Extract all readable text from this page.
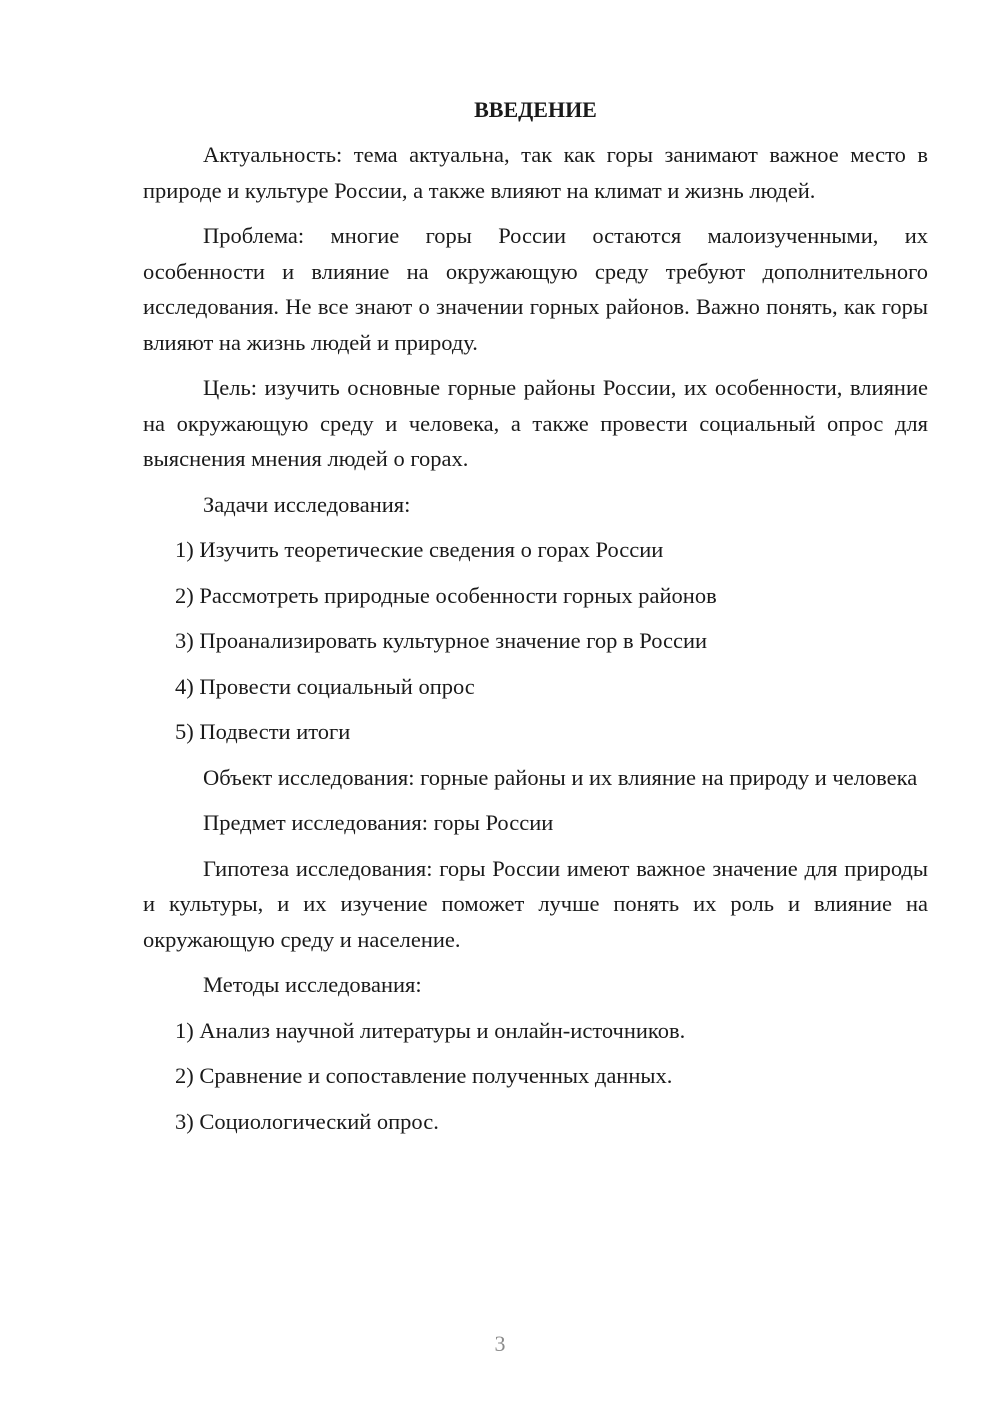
ВВЕДЕНИЕ

Актуальность: тема актуальна, так как горы занимают важное место в природе и культуре России, а также влияют на климат и жизнь людей.

Проблема: многие горы России остаются малоизученными, их особенности и влияние на окружающую среду требуют дополнительного исследования. Не все знают о значении горных районов. Важно понять, как горы влияют на жизнь людей и природу.

Цель: изучить основные горные районы России, их особенности, влияние на окружающую среду и человека, а также провести социальный опрос для выяснения мнения людей о горах.

Задачи исследования:

1) Изучить теоретические сведения о горах России

2) Рассмотреть природные особенности горных районов

3) Проанализировать культурное значение гор в России

4) Провести социальный опрос

5) Подвести итоги

Объект исследования: горные районы и их влияние на природу и человека

Предмет исследования: горы России

Гипотеза исследования: горы России имеют важное значение для природы и культуры, и их изучение поможет лучше понять их роль и влияние на окружающую среду и население.

Методы исследования:

1) Анализ научной литературы и онлайн-источников.

2) Сравнение и сопоставление полученных данных.

3) Социологический опрос.

3
